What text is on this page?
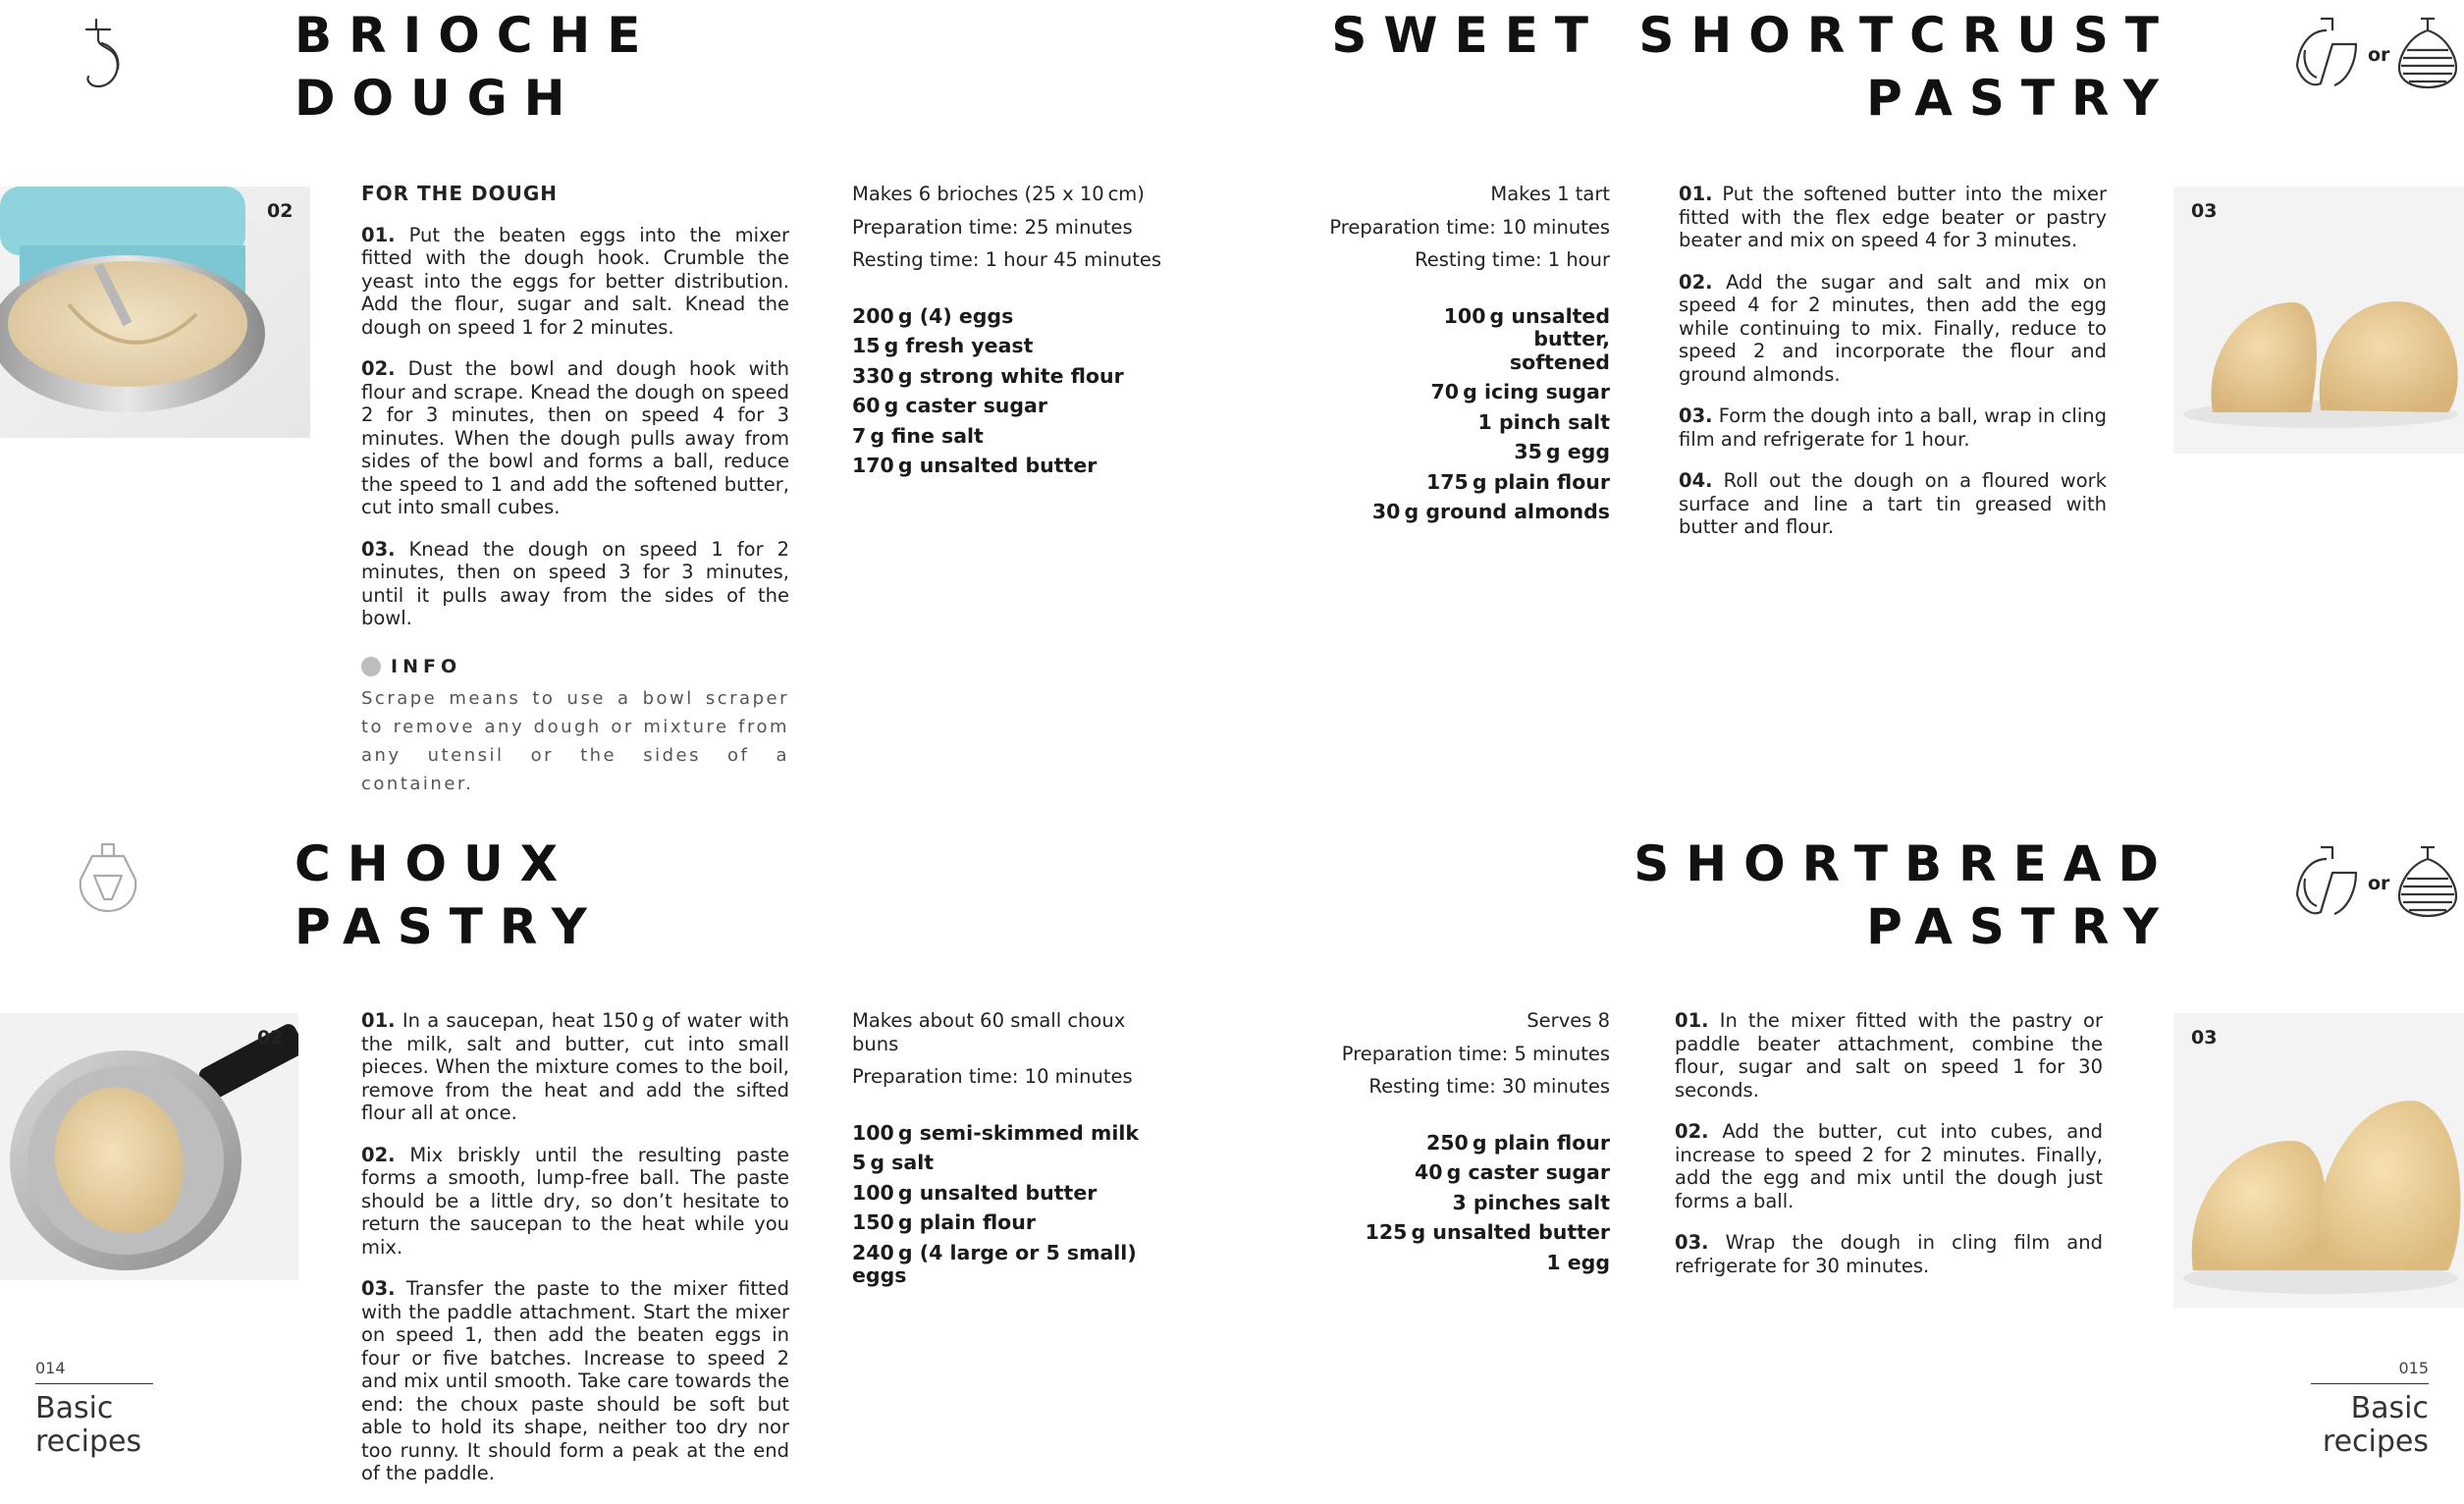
BRIOCHE
DOUGH
02

FOR THE DOUGH

01. Put the beaten eggs into the mixer fitted with the dough hook. Crumble the yeast into the eggs for better distribution. Add the flour, sugar and salt. Knead the dough on speed 1 for 2 minutes.

02. Dust the bowl and dough hook with flour and scrape. Knead the dough on speed 2 for 3 minutes, then on speed 4 for 3 minutes. When the dough pulls away from sides of the bowl and forms a ball, reduce the speed to 1 and add the softened butter, cut into small cubes.

03. Knead the dough on speed 1 for 2 minutes, then on speed 3 for 3 minutes, until it pulls away from the sides of the bowl.

INFO
Scrape means to use a bowl scraper to remove any dough or mixture from any utensil or the sides of a container.

Makes 6 brioches (25 x 10 cm)

Preparation time: 25 minutes

Resting time: 1 hour 45 minutes

200 g (4) eggs

15 g fresh yeast

330 g strong white flour

60 g caster sugar

7 g fine salt

170 g unsalted butter

SWEET SHORTCRUST
PASTRY
or

Makes 1 tart

Preparation time: 10 minutes

Resting time: 1 hour

100 g unsalted butter, softened

70 g icing sugar

1 pinch salt

35 g egg

175 g plain flour

30 g ground almonds

01. Put the softened butter into the mixer fitted with the flex edge beater or pastry beater and mix on speed 4 for 3 minutes.

02. Add the sugar and salt and mix on speed 4 for 2 minutes, then add the egg while continuing to mix. Finally, reduce to speed 2 and incorporate the flour and ground almonds.

03. Form the dough into a ball, wrap in cling film and refrigerate for 1 hour.

04. Roll out the dough on a floured work surface and line a tart tin greased with butter and flour.

03
CHOUX
PASTRY
02

01. In a saucepan, heat 150 g of water with the milk, salt and butter, cut into small pieces. When the mixture comes to the boil, remove from the heat and add the sifted flour all at once.

02. Mix briskly until the resulting paste forms a smooth, lump-free ball. The paste should be a little dry, so don’t hesitate to return the saucepan to the heat while you mix.

03. Transfer the paste to the mixer fitted with the paddle attachment. Start the mixer on speed 1, then add the beaten eggs in four or five batches. Increase to speed 2 and mix until smooth. Take care towards the end: the choux paste should be soft but able to hold its shape, neither too dry nor too runny. It should form a peak at the end of the paddle.

Makes about 60 small choux buns

Preparation time: 10 minutes

100 g semi-skimmed milk

5 g salt

100 g unsalted butter

150 g plain flour

240 g (4 large or 5 small) eggs

SHORTBREAD
PASTRY
or

Serves 8

Preparation time: 5 minutes

Resting time: 30 minutes

250 g plain flour

40 g caster sugar

3 pinches salt

125 g unsalted butter

1 egg

01. In the mixer fitted with the pastry or paddle beater attachment, combine the flour, sugar and salt on speed 1 for 30 seconds.

02. Add the butter, cut into cubes, and increase to speed 2 for 2 minutes. Finally, add the egg and mix until the dough just forms a ball.

03. Wrap the dough in cling film and refrigerate for 30 minutes.

03
014
Basic
recipes
015
Basic
recipes
